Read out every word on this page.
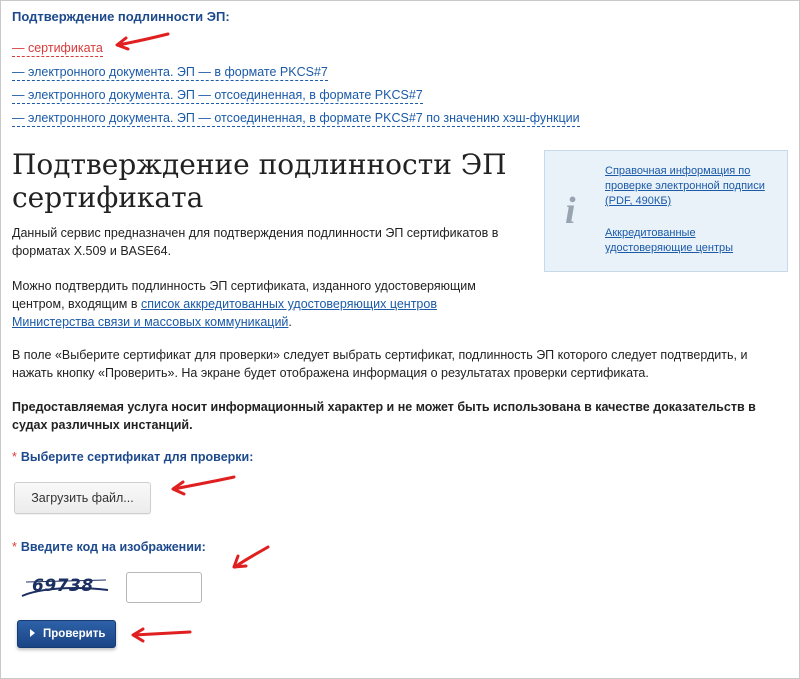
Подтверждение подлинности ЭП:
— сертификата
— электронного документа. ЭП — в формате PKCS#7
— электронного документа. ЭП — отсоединенная, в формате PKCS#7
— электронного документа. ЭП — отсоединенная, в формате PKCS#7 по значению хэш-функции
Подтверждение подлинности ЭП сертификата	i
Справочная информация по проверке электронной подписи (PDF, 490КБ)
Аккредитованные удостоверяющие центры
Данный сервис предназначен для подтверждения подлинности ЭП сертификатов в форматах X.509 и BASE64.
Можно подтвердить подлинность ЭП сертификата, изданного удостоверяющим центром, входящим в список аккредитованных удостоверяющих центров Министерства связи и массовых коммуникаций.
В поле «Выберите сертификат для проверки» следует выбрать сертификат, подлинность ЭП которого следует подтвердить, и нажать кнопку «Проверить». На экране будет отображена информация о результатах проверки сертификата.
Предоставляемая услуга носит информационный характер и не может быть использована в качестве доказательств в судах различных инстанций.
* Выберите сертификат для проверки:
Загрузить файл...
* Введите код на изображении:
69738
Проверить
